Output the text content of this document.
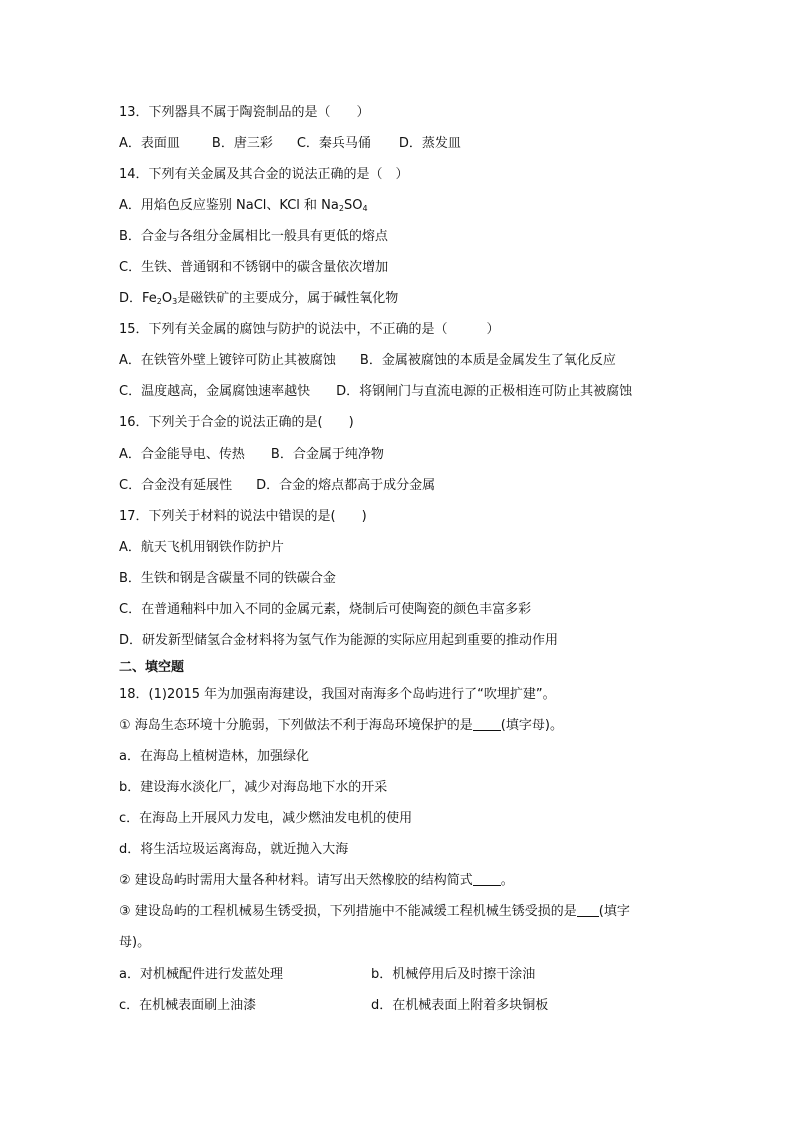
13．下列器具不属于陶瓷制品的是（　　）
A．表面皿 B．唐三彩 C．秦兵马俑 D．蒸发皿
14．下列有关金属及其合金的说法正确的是（　）
A．用焰色反应鉴别 NaCl、KCl 和 $Na_2SO_4$
B．合金与各组分金属相比一般具有更低的熔点
C．生铁、普通钢和不锈钢中的碳含量依次增加
D．$Fe_2O_3$是磁铁矿的主要成分，属于碱性氧化物
15．下列有关金属的腐蚀与防护的说法中，不正确的是（　　　）
A．在铁管外壁上镀锌可防止其被腐蚀 B．金属被腐蚀的本质是金属发生了氧化反应
C．温度越高，金属腐蚀速率越快 D．将钢闸门与直流电源的正极相连可防止其被腐蚀
16．下列关于合金的说法正确的是(　　)
A．合金能导电、传热 B．合金属于纯净物
C．合金没有延展性 D．合金的熔点都高于成分金属
17．下列关于材料的说法中错误的是(　　)
A．航天飞机用钢铁作防护片
B．生铁和钢是含碳量不同的铁碳合金
C．在普通釉料中加入不同的金属元素，烧制后可使陶瓷的颜色丰富多彩
D．研发新型储氢合金材料将为氢气作为能源的实际应用起到重要的推动作用
二、填空题
18．(1)2015 年为加强南海建设，我国对南海多个岛屿进行了“吹埋扩建”。
① 海岛生态环境十分脆弱，下列做法不利于海岛环境保护的是 (填字母)。
a．在海岛上植树造林，加强绿化
b．建设海水淡化厂，减少对海岛地下水的开采
c．在海岛上开展风力发电，减少燃油发电机的使用
d．将生活垃圾运离海岛，就近抛入大海
② 建设岛屿时需用大量各种材料。请写出天然橡胶的结构简式 。
③ 建设岛屿的工程机械易生锈受损，下列措施中不能减缓工程机械生锈受损的是 (填字
母)。
a．对机械配件进行发蓝处理	b．机械停用后及时擦干涂油
c．在机械表面刷上油漆	d．在机械表面上附着多块铜板
